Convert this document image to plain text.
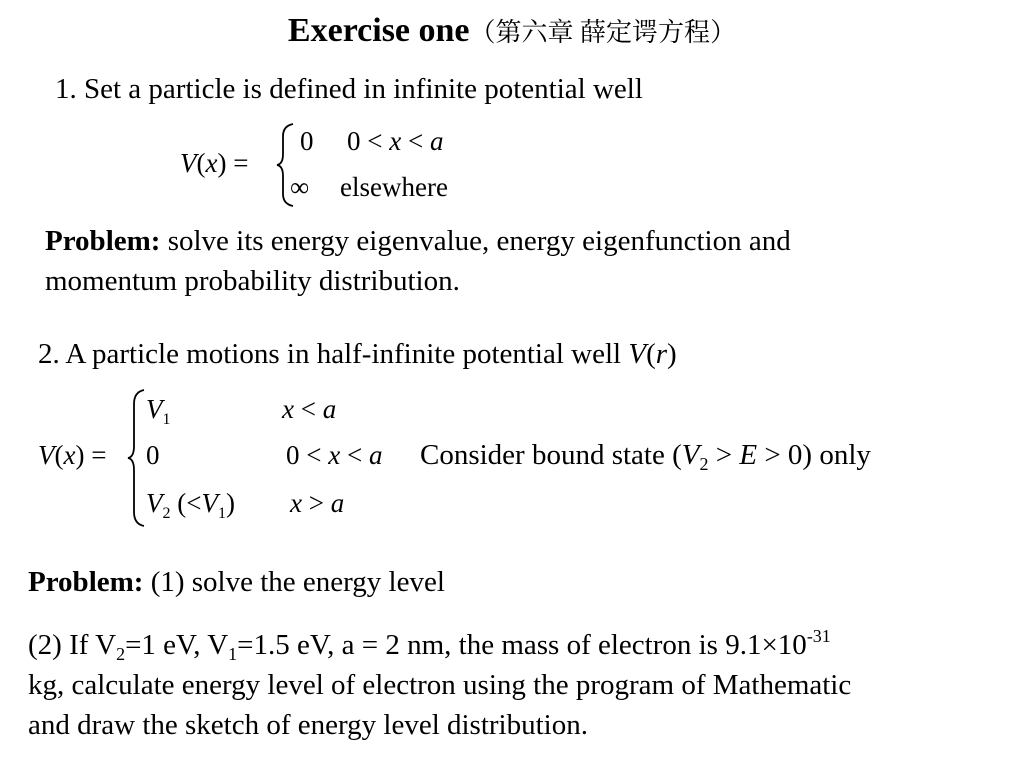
Exercise one（第六章 薛定谔方程）
1. Set a particle is defined in infinite potential well
V(x) =
0 0 < x < a
∞ elsewhere
Problem: solve its energy eigenvalue, energy eigenfunction and
momentum probability distribution.
2. A particle motions in half-infinite potential well V(r)
V(x) =
$V_1$	x < a
0	0 < x < a
$V_2$ $(<V_1) x > a$
Consider bound state $(V_2 > E > 0)$ only
Problem: (1) solve the energy level
(2) If $V_2=1$ eV, $V_1=1.5$ eV, a = 2 nm, the mass of electron is $9.1\times 10^{-31}$
kg, calculate energy level of electron using the program of Mathematic
and draw the sketch of energy level distribution.
